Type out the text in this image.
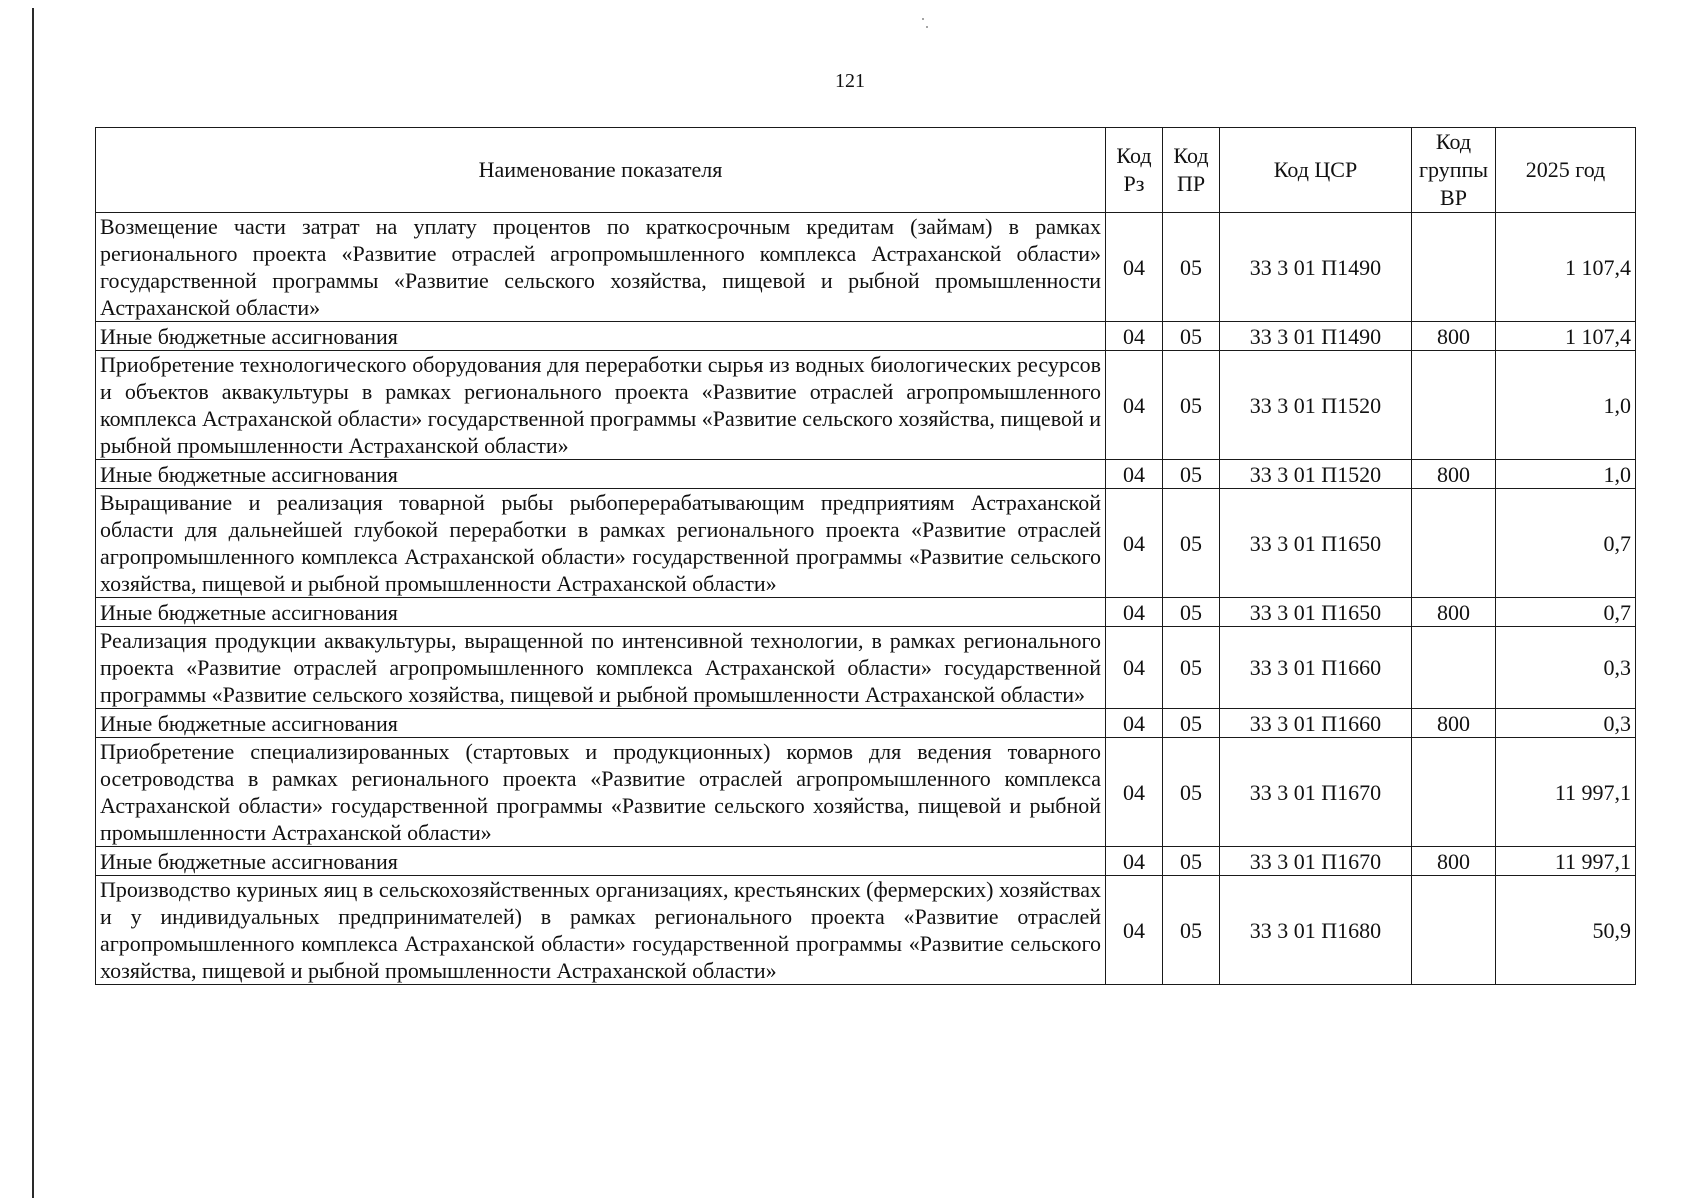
121
Наименование показателя	Код Рз	Код ПР	Код ЦСР	Код группы ВР	2025 год
Возмещение части затрат на уплату процентов по краткосрочным кредитам (займам) в рамках регионального проекта «Развитие отраслей агропромышленного комплекса Астраханской области» государственной программы «Развитие сельского хозяйства, пищевой и рыбной промышленности Астраханской области»	04	05	33 3 01 П1490		1 107,4
Иные бюджетные ассигнования	04	05	33 3 01 П1490	800	1 107,4
Приобретение технологического оборудования для переработки сырья из водных биологических ресурсов и объектов аквакультуры в рамках регионального проекта «Развитие отраслей агропромышленного комплекса Астраханской области» государственной программы «Развитие сельского хозяйства, пищевой и рыбной промышленности Астраханской области»	04	05	33 3 01 П1520		1,0
Иные бюджетные ассигнования	04	05	33 3 01 П1520	800	1,0
Выращивание и реализация товарной рыбы рыбоперерабатывающим предприятиям Астраханской области для дальнейшей глубокой переработки в рамках регионального проекта «Развитие отраслей агропромышленного комплекса Астраханской области» государственной программы «Развитие сельского хозяйства, пищевой и рыбной промышленности Астраханской области»	04	05	33 3 01 П1650		0,7
Иные бюджетные ассигнования	04	05	33 3 01 П1650	800	0,7
Реализация продукции аквакультуры, выращенной по интенсивной технологии, в рамках регионального проекта «Развитие отраслей агропромышленного комплекса Астраханской области» государственной программы «Развитие сельского хозяйства, пищевой и рыбной промышленности Астраханской области»	04	05	33 3 01 П1660		0,3
Иные бюджетные ассигнования	04	05	33 3 01 П1660	800	0,3
Приобретение специализированных (стартовых и продукционных) кормов для ведения товарного осетроводства в рамках регионального проекта «Развитие отраслей агропромышленного комплекса Астраханской области» государственной программы «Развитие сельского хозяйства, пищевой и рыбной промышленности Астраханской области»	04	05	33 3 01 П1670		11 997,1
Иные бюджетные ассигнования	04	05	33 3 01 П1670	800	11 997,1
Производство куриных яиц в сельскохозяйственных организациях, крестьянских (фермерских) хозяйствах и у индивидуальных предпринимателей) в рамках регионального проекта «Развитие отраслей агропромышленного комплекса Астраханской области» государственной программы «Развитие сельского хозяйства, пищевой и рыбной промышленности Астраханской области»	04	05	33 3 01 П1680		50,9
